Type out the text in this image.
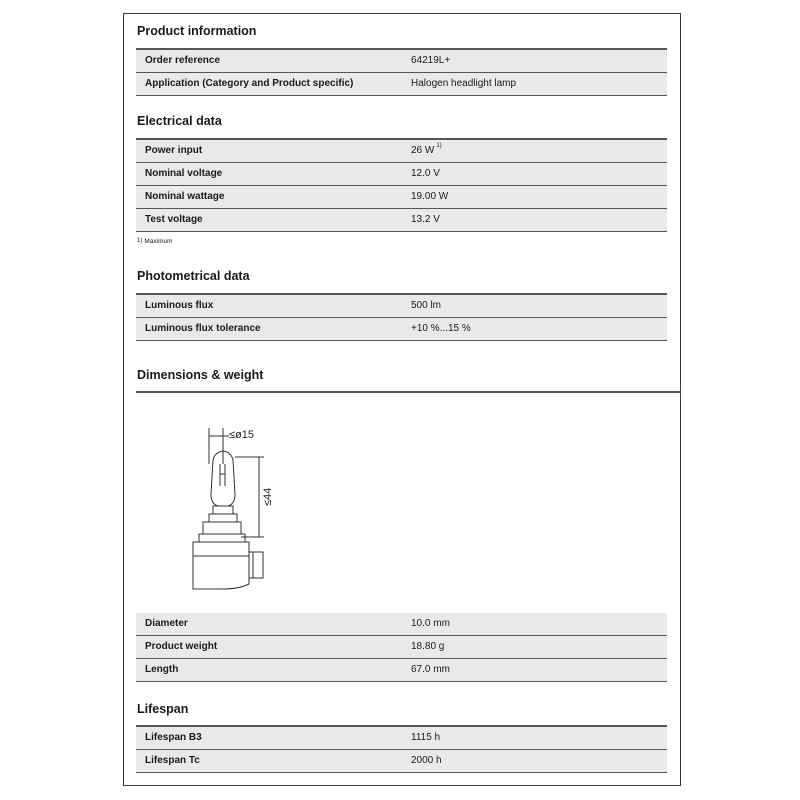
Product information
Order reference	64219L+
Application (Category and Product specific)	Halogen headlight lamp
Electrical data
Power input	26 W $^{1)}$
Nominal voltage	12.0 V
Nominal wattage	19.00 W
Test voltage	13.2 V
$^{1)}$ Maximum
Photometrical data
Luminous flux	500 lm
Luminous flux tolerance	+10 %...15 %
Dimensions & weight
≤ø15
≤44
Diameter	10.0 mm
Product weight	18.80 g
Length	67.0 mm
Lifespan
Lifespan B3	1115 h
Lifespan Tc	2000 h
